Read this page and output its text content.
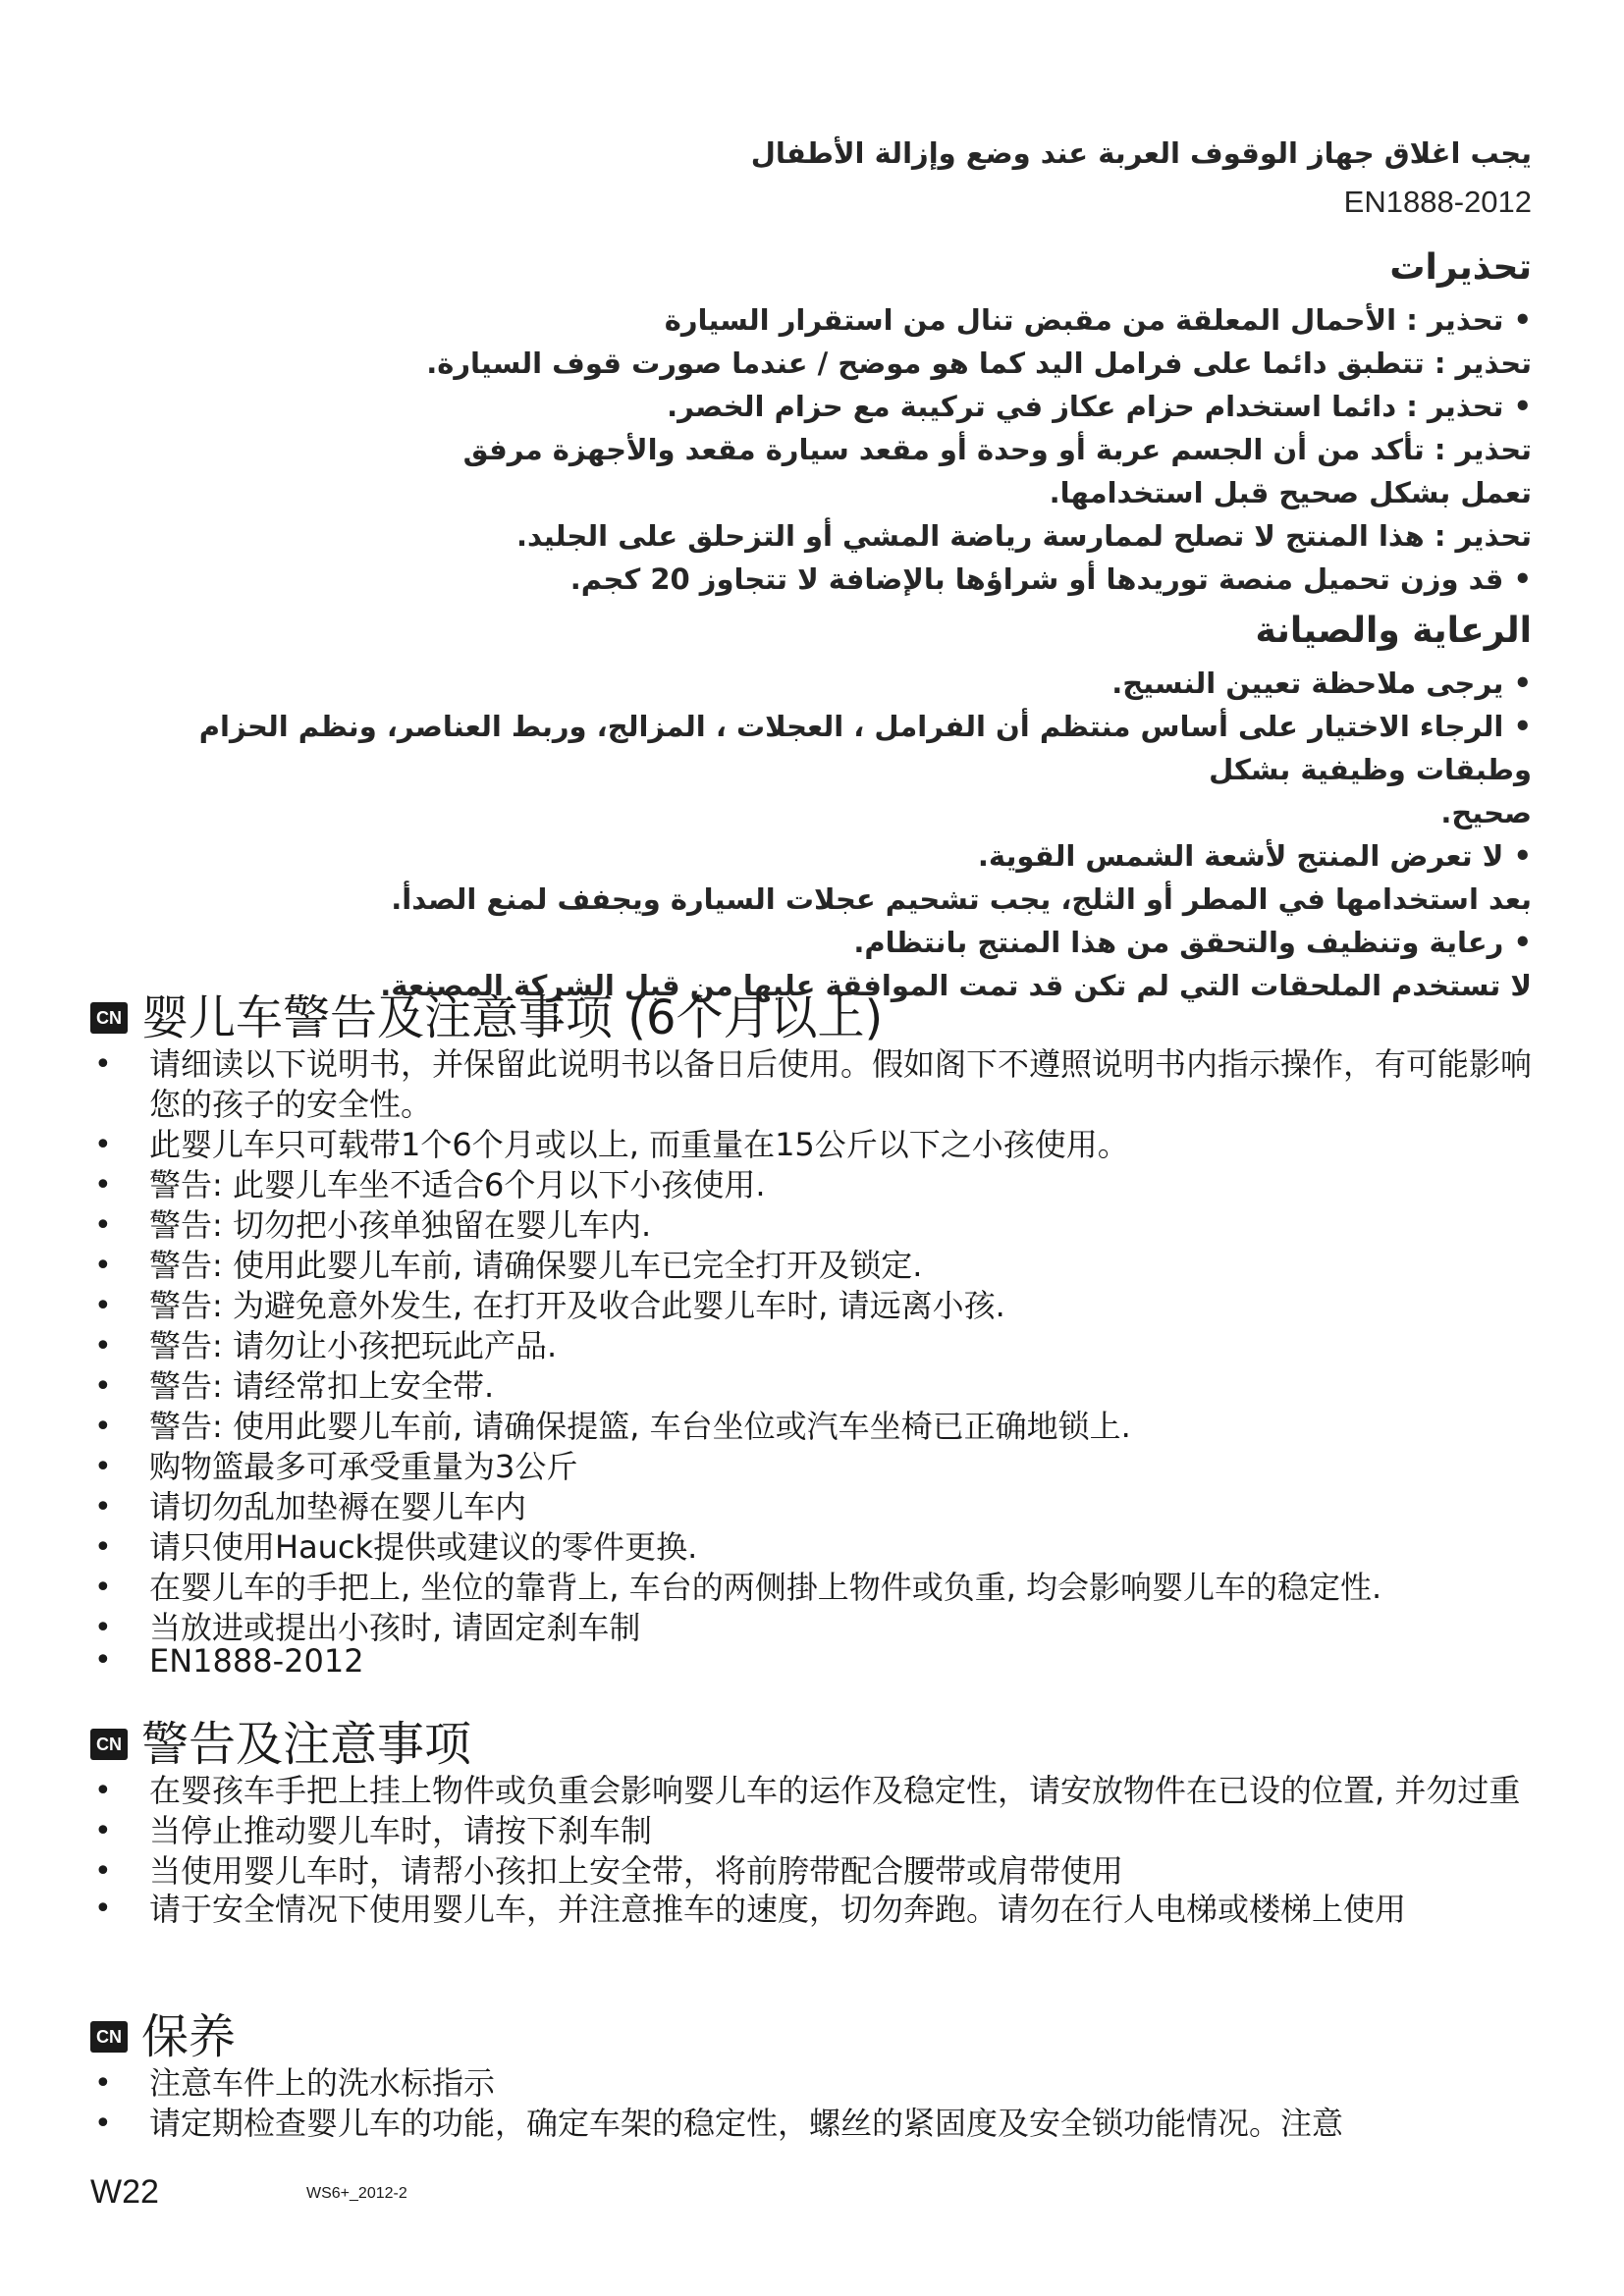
يجب اغلاق جهاز الوقوف العربة عند وضع وإزالة الأطفال

EN1888-2012

تحذيرات

• تحذير : الأحمال المعلقة من مقبض تنال من استقرار السيارة

تحذير : تتطبق دائما على فرامل اليد كما هو موضح / عندما صورت قوف السيارة.

• تحذير : دائما استخدام حزام عكاز في تركيبة مع حزام الخصر.

تحذير : تأكد من أن الجسم عربة أو وحدة أو مقعد سيارة مقعد والأجهزة مرفق

تعمل بشكل صحيح قبل استخدامها.

تحذير : هذا المنتج لا تصلح لممارسة رياضة المشي أو التزحلق على الجليد.

• قد وزن تحميل منصة توريدها أو شراؤها بالإضافة لا تتجاوز 20 كجم.

الرعاية والصيانة

• يرجى ملاحظة تعيين النسيج.

• الرجاء الاختيار على أساس منتظم أن الفرامل ، العجلات ، المزالج، وربط العناصر، ونظم الحزام وطبقات وظيفية بشكل

صحيح.

• لا تعرض المنتج لأشعة الشمس القوية.

بعد استخدامها في المطر أو الثلج، يجب تشحيم عجلات السيارة ويجفف لمنع الصدأ.

• رعاية وتنظيف والتحقق من هذا المنتج بانتظام.

لا تستخدم الملحقات التي لم تكن قد تمت الموافقة عليها من قبل الشركة المصنعة.

CN 婴儿车警告及注意事项 (6个月以上)
• 请细读以下说明书，并保留此说明书以备日后使用。假如阁下不遵照说明书内指示操作，有可能影响您的孩子的安全性。
• 此婴儿车只可载带1个6个月或以上, 而重量在15公斤以下之小孩使用。
• 警告: 此婴儿车坐不适合6个月以下小孩使用.
• 警告: 切勿把小孩单独留在婴儿车内.
• 警告: 使用此婴儿车前, 请确保婴儿车已完全打开及锁定.
• 警告: 为避免意外发生, 在打开及收合此婴儿车时, 请远离小孩.
• 警告: 请勿让小孩把玩此产品.
• 警告: 请经常扣上安全带.
• 警告: 使用此婴儿车前, 请确保提篮, 车台坐位或汽车坐椅已正确地锁上.
• 购物篮最多可承受重量为3公斤
• 请切勿乱加垫褥在婴儿车内
• 请只使用Hauck提供或建议的零件更换.
• 在婴儿车的手把上, 坐位的靠背上, 车台的两侧掛上物件或负重, 均会影响婴儿车的稳定性.
• 当放进或提出小孩时, 请固定刹车制
• EN1888-2012
CN 警告及注意事项
• 在婴孩车手把上挂上物件或负重会影响婴儿车的运作及稳定性，请安放物件在已设的位置, 并勿过重
• 当停止推动婴儿车时，请按下刹车制
• 当使用婴儿车时，请帮小孩扣上安全带，将前胯带配合腰带或肩带使用
• 请于安全情况下使用婴儿车，并注意推车的速度，切勿奔跑。请勿在行人电梯或楼梯上使用
CN 保养
• 注意车件上的洗水标指示
• 请定期检查婴儿车的功能，确定车架的稳定性，螺丝的紧固度及安全锁功能情况。注意
W22	WS6+_2012-2
